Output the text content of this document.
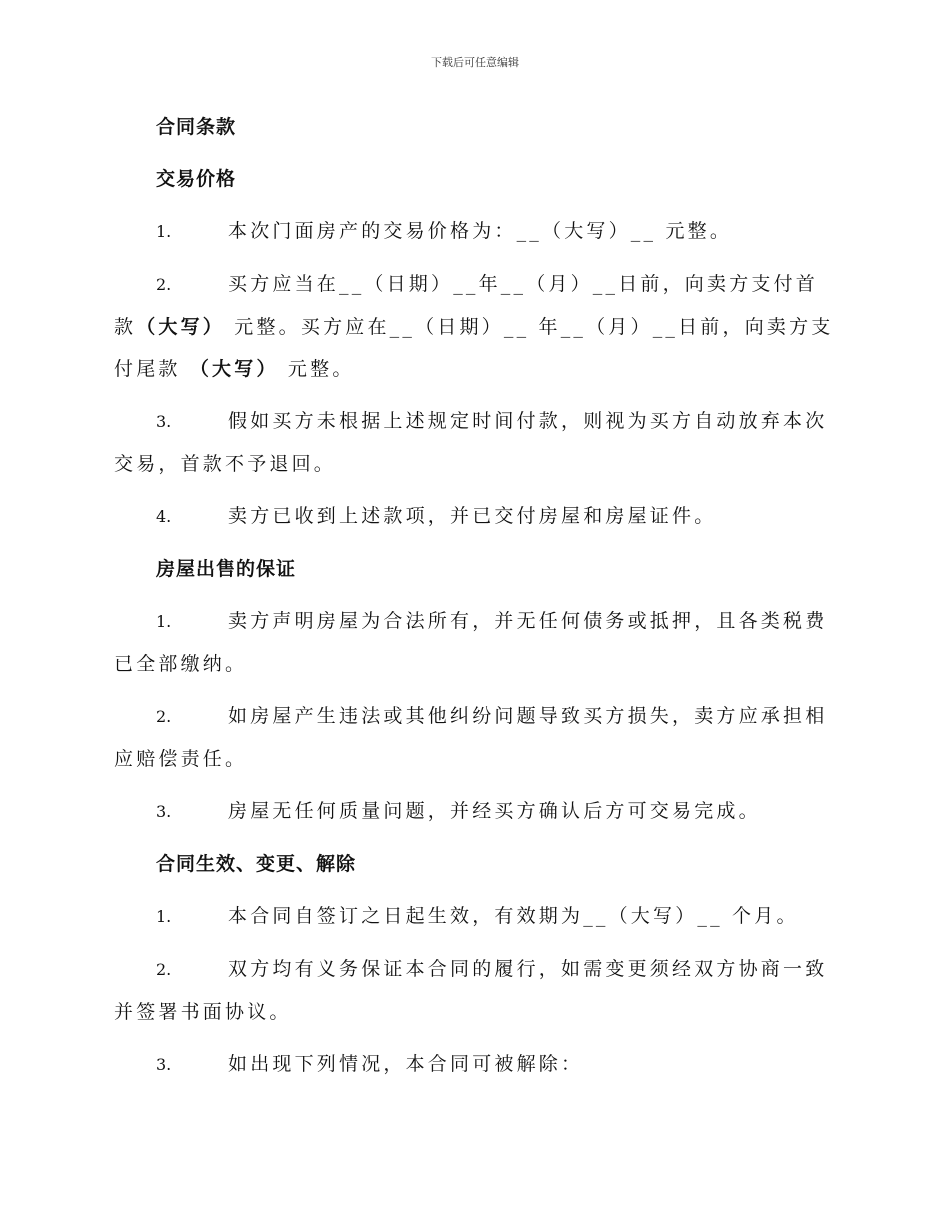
下载后可任意编辑
合同条款
交易价格

1.	本次门面房产的交易价格为：__（大写）__ 元整。

2.	买方应当在__（日期）__年__（月）__日前，向卖方支付首款（大写） 元整。买方应在__（日期）__ 年__（月）__日前，向卖方支付尾款 （大写） 元整。

3.	假如买方未根据上述规定时间付款，则视为买方自动放弃本次交易，首款不予退回。

4.	卖方已收到上述款项，并已交付房屋和房屋证件。

房屋出售的保证

1.	卖方声明房屋为合法所有，并无任何债务或抵押，且各类税费已全部缴纳。

2.	如房屋产生违法或其他纠纷问题导致买方损失，卖方应承担相应赔偿责任。

3.	房屋无任何质量问题，并经买方确认后方可交易完成。

合同生效、变更、解除

1.	本合同自签订之日起生效，有效期为__（大写）__ 个月。

2.	双方均有义务保证本合同的履行，如需变更须经双方协商一致并签署书面协议。

3.	如出现下列情况，本合同可被解除：
